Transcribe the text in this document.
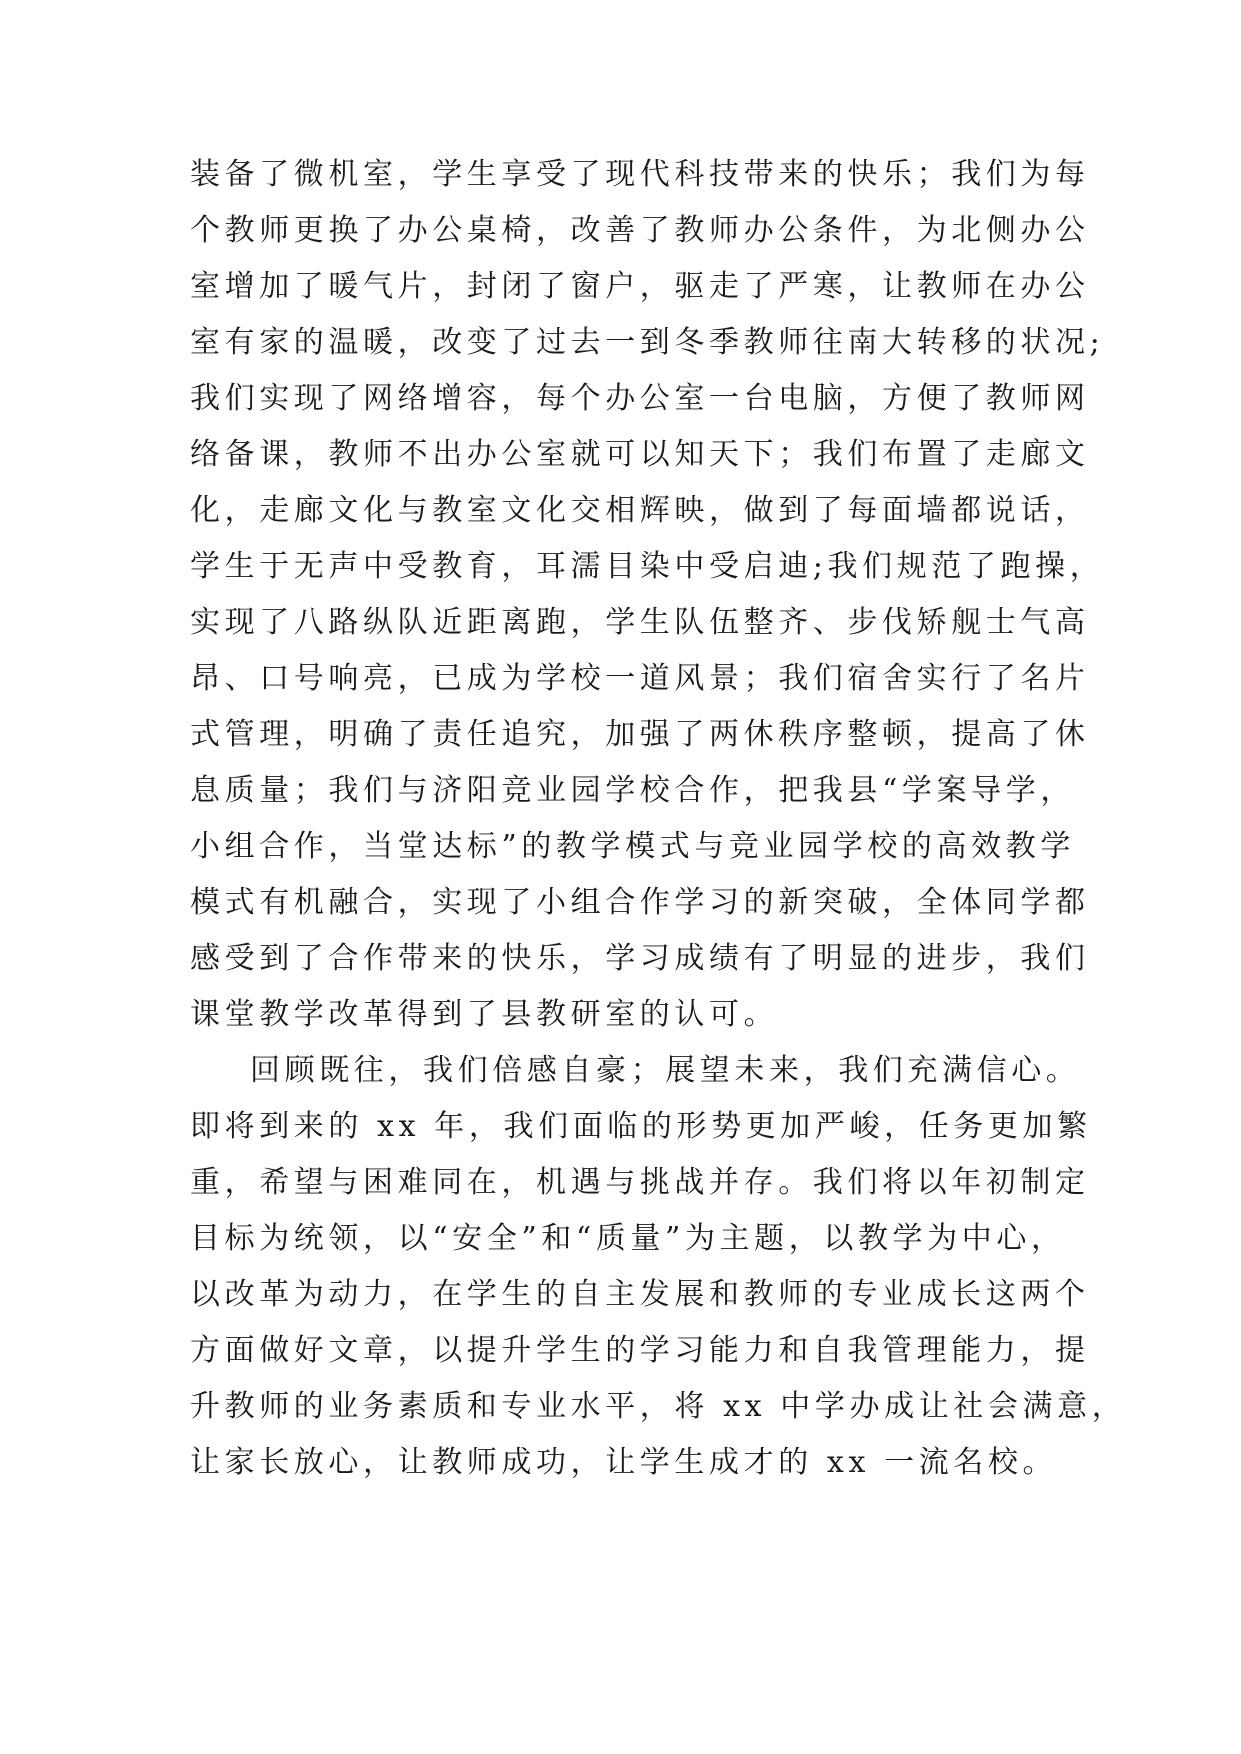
装备了微机室，学生享受了现代科技带来的快乐；我们为每
个教师更换了办公桌椅，改善了教师办公条件，为北侧办公
室增加了暖气片，封闭了窗户，驱走了严寒，让教师在办公
室有家的温暖，改变了过去一到冬季教师往南大转移的状况;
我们实现了网络增容，每个办公室一台电脑，方便了教师网
络备课，教师不出办公室就可以知天下；我们布置了走廊文
化，走廊文化与教室文化交相辉映，做到了每面墙都说话，
学生于无声中受教育，耳濡目染中受启迪;我们规范了跑操，
实现了八路纵队近距离跑，学生队伍整齐、步伐矫舰士气高
昂、口号响亮，已成为学校一道风景；我们宿舍实行了名片
式管理，明确了责任追究，加强了两休秩序整顿，提高了休
息质量；我们与济阳竞业园学校合作，把我县“学案导学，
小组合作，当堂达标”的教学模式与竞业园学校的高效教学
模式有机融合，实现了小组合作学习的新突破，全体同学都
感受到了合作带来的快乐，学习成绩有了明显的进步，我们
课堂教学改革得到了县教研室的认可。
回顾既往，我们倍感自豪；展望未来，我们充满信心。
即将到来的 xx 年，我们面临的形势更加严峻，任务更加繁
重，希望与困难同在，机遇与挑战并存。我们将以年初制定
目标为统领，以“安全”和“质量”为主题，以教学为中心，
以改革为动力，在学生的自主发展和教师的专业成长这两个
方面做好文章，以提升学生的学习能力和自我管理能力，提
升教师的业务素质和专业水平，将 xx 中学办成让社会满意，
让家长放心，让教师成功，让学生成才的 xx 一流名校。
